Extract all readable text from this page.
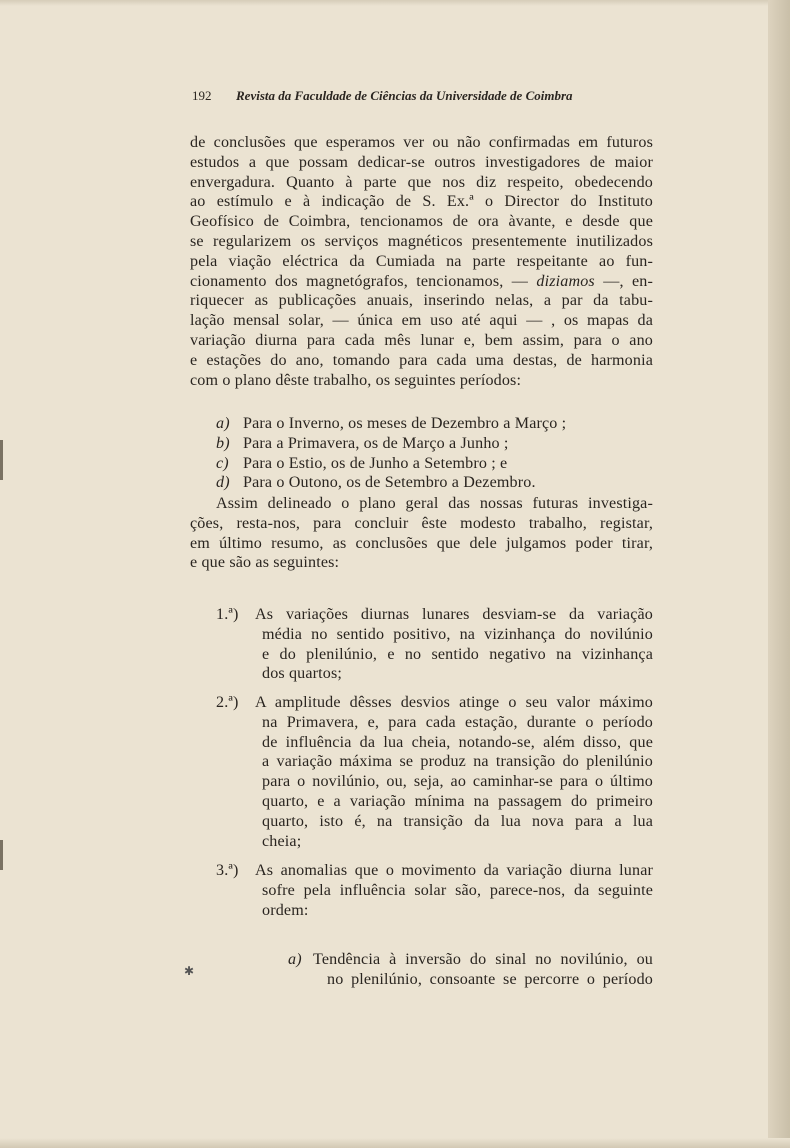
192 Revista da Faculdade de Ciências da Universidade de Coimbra
✱
de conclusões que esperamos ver ou não confirmadas em futuros
estudos a que possam dedicar-se outros investigadores de maior
envergadura. Quanto à parte que nos diz respeito, obedecendo
ao estímulo e à indicação de S. Ex.ª o Director do Instituto
Geofísico de Coimbra, tencionamos de ora àvante, e desde que
se regularizem os serviços magnéticos presentemente inutilizados
pela viação eléctrica da Cumiada na parte respeitante ao fun-
cionamento dos magnetógrafos, tencionamos, — diziamos —, en-
riquecer as publicações anuais, inserindo nelas, a par da tabu-
lação mensal solar, — única em uso até aqui — , os mapas da
variação diurna para cada mês lunar e, bem assim, para o ano
e estações do ano, tomando para cada uma destas, de harmonia
com o plano dêste trabalho, os seguintes períodos:
a) Para o Inverno, os meses de Dezembro a Março ;
b) Para a Primavera, os de Março a Junho ;
c) Para o Estio, os de Junho a Setembro ; e
d) Para o Outono, os de Setembro a Dezembro.
Assim delineado o plano geral das nossas futuras investiga-
ções, resta-nos, para concluir êste modesto trabalho, registar,
em último resumo, as conclusões que dele julgamos poder tirar,
e que são as seguintes:
1.ª)	As variações diurnas lunares desviam-se da variação
média no sentido positivo, na vizinhança do novilúnio
e do plenilúnio, e no sentido negativo na vizinhança
dos quartos;
2.ª)	A amplitude dêsses desvios atinge o seu valor máximo
na Primavera, e, para cada estação, durante o período
de influência da lua cheia, notando-se, além disso, que
a variação máxima se produz na transição do plenilúnio
para o novilúnio, ou, seja, ao caminhar-se para o último
quarto, e a variação mínima na passagem do primeiro
quarto, isto é, na transição da lua nova para a lua
cheia;
3.ª)	As anomalias que o movimento da variação diurna lunar
sofre pela influência solar são, parece-nos, da seguinte
ordem:
a) Tendência à inversão do sinal no novilúnio, ou
no plenilúnio, consoante se percorre o período
